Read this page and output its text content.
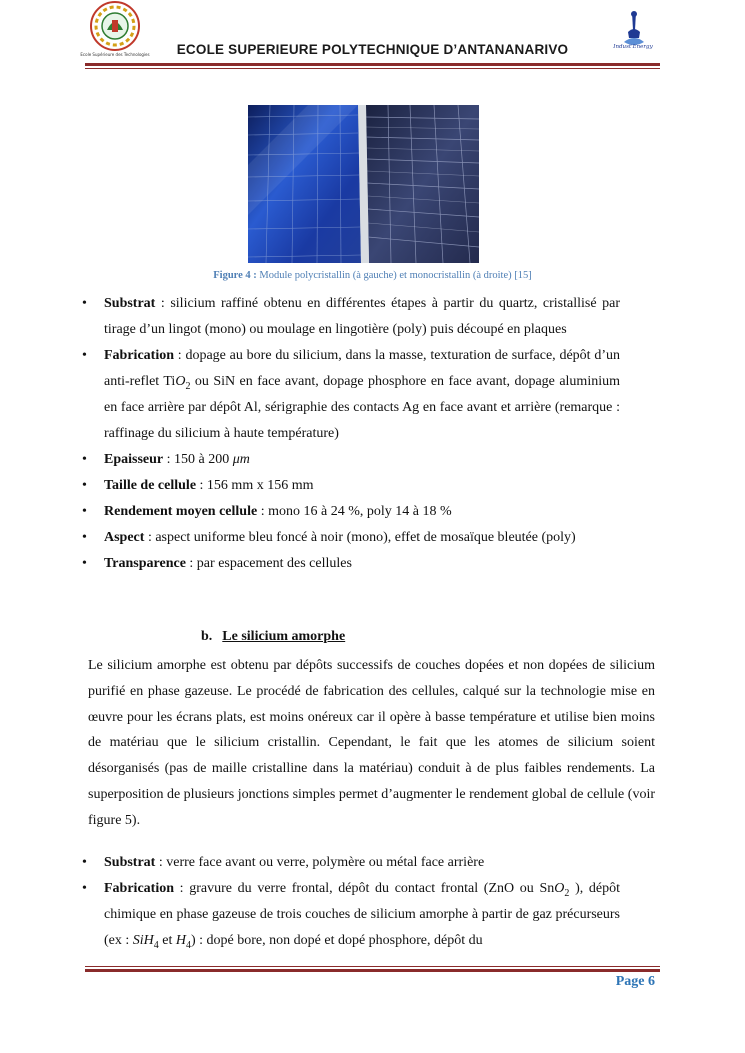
Ecole Supérieure des Technologies
Indust'Energy
ECOLE SUPERIEURE POLYTECHNIQUE D’ANTANANARIVO
Figure 4 : Module polycristallin (à gauche) et monocristallin (à droite) [15]
• Substrat : silicium raffiné obtenu en différentes étapes à partir du quartz, cristallisé par tirage d’un lingot (mono) ou moulage en lingotière (poly) puis découpé en plaques
• Fabrication : dopage au bore du silicium, dans la masse, texturation de surface, dépôt d’un anti-reflet TiO$_2$ ou SiN en face avant, dopage phosphore en face avant, dopage aluminium en face arrière par dépôt Al, sérigraphie des contacts Ag en face avant et arrière (remarque : raffinage du silicium à haute température)
• Epaisseur : 150 à 200 μm
• Taille de cellule : 156 mm x 156 mm
• Rendement moyen cellule : mono 16 à 24 %, poly 14 à 18 %
• Aspect : aspect uniforme bleu foncé à noir (mono), effet de mosaïque bleutée (poly)
• Transparence : par espacement des cellules
b. Le silicium amorphe

Le silicium amorphe est obtenu par dépôts successifs de couches dopées et non dopées de silicium purifié en phase gazeuse. Le procédé de fabrication des cellules, calqué sur la technologie mise en œuvre pour les écrans plats, est moins onéreux car il opère à basse température et utilise bien moins de matériau que le silicium cristallin. Cependant, le fait que les atomes de silicium soient désorganisés (pas de maille cristalline dans la matériau) conduit à de plus faibles rendements. La superposition de plusieurs jonctions simples permet d’augmenter le rendement global de cellule (voir figure 5).

• Substrat : verre face avant ou verre, polymère ou métal face arrière
• Fabrication : gravure du verre frontal, dépôt du contact frontal (ZnO ou SnO$_2$ ), dépôt chimique en phase gazeuse de trois couches de silicium amorphe à partir de gaz précurseurs (ex : SiH$_4$ et $H_4$) : dopé bore, non dopé et dopé phosphore, dépôt du
Page 6
